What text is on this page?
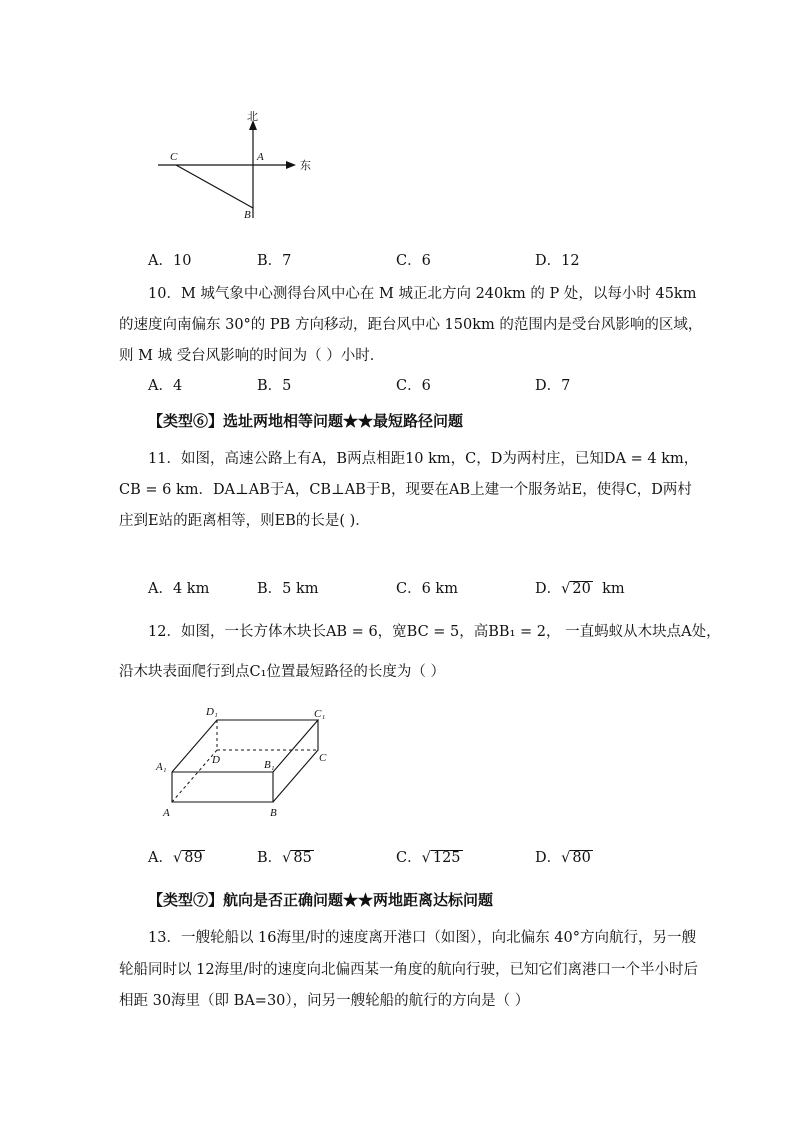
北
东
C	A
B
A．10	B．7	C．6	D．12
10．M 城气象中心测得台风中心在 M 城正北方向 240km 的 P 处，以每小时 45km
的速度向南偏东 30°的 PB 方向移动，距台风中心 150km 的范围内是受台风影响的区域，
则 M 城 受台风影响的时间为（ ）小时．
A．4	B．5	C．6	D．7
【类型⑥】选址两地相等问题★★最短路径问题
11．如图，高速公路上有A，B两点相距10 km，C，D为两村庄，已知DA = 4 km，
CB = 6 km．DA⊥AB于A，CB⊥AB于B，现要在AB上建一个服务站E，使得C，D两村
庄到E站的距离相等，则EB的长是( )．
A．4 km	B．5 km	C．6 km	D．√ 20 km
12．如图，一长方体木块长AB = 6，宽BC = 5，高BB₁ = 2， 一直蚂蚁从木块点A处，
沿木块表面爬行到点C₁位置最短路径的长度为（ ）
D₁	C₁
A₁
D	B₁
C
A	B
A．√ 89	B．√ 85	C．√ 125	D．√ 80
【类型⑦】航向是否正确问题★★两地距离达标问题
13．一艘轮船以 16海里/时的速度离开港口（如图），向北偏东 40°方向航行，另一艘
轮船同时以 12海里/时的速度向北偏西某一角度的航向行驶，已知它们离港口一个半小时后
相距 30海里（即 BA=30），问另一艘轮船的航行的方向是（ ）
